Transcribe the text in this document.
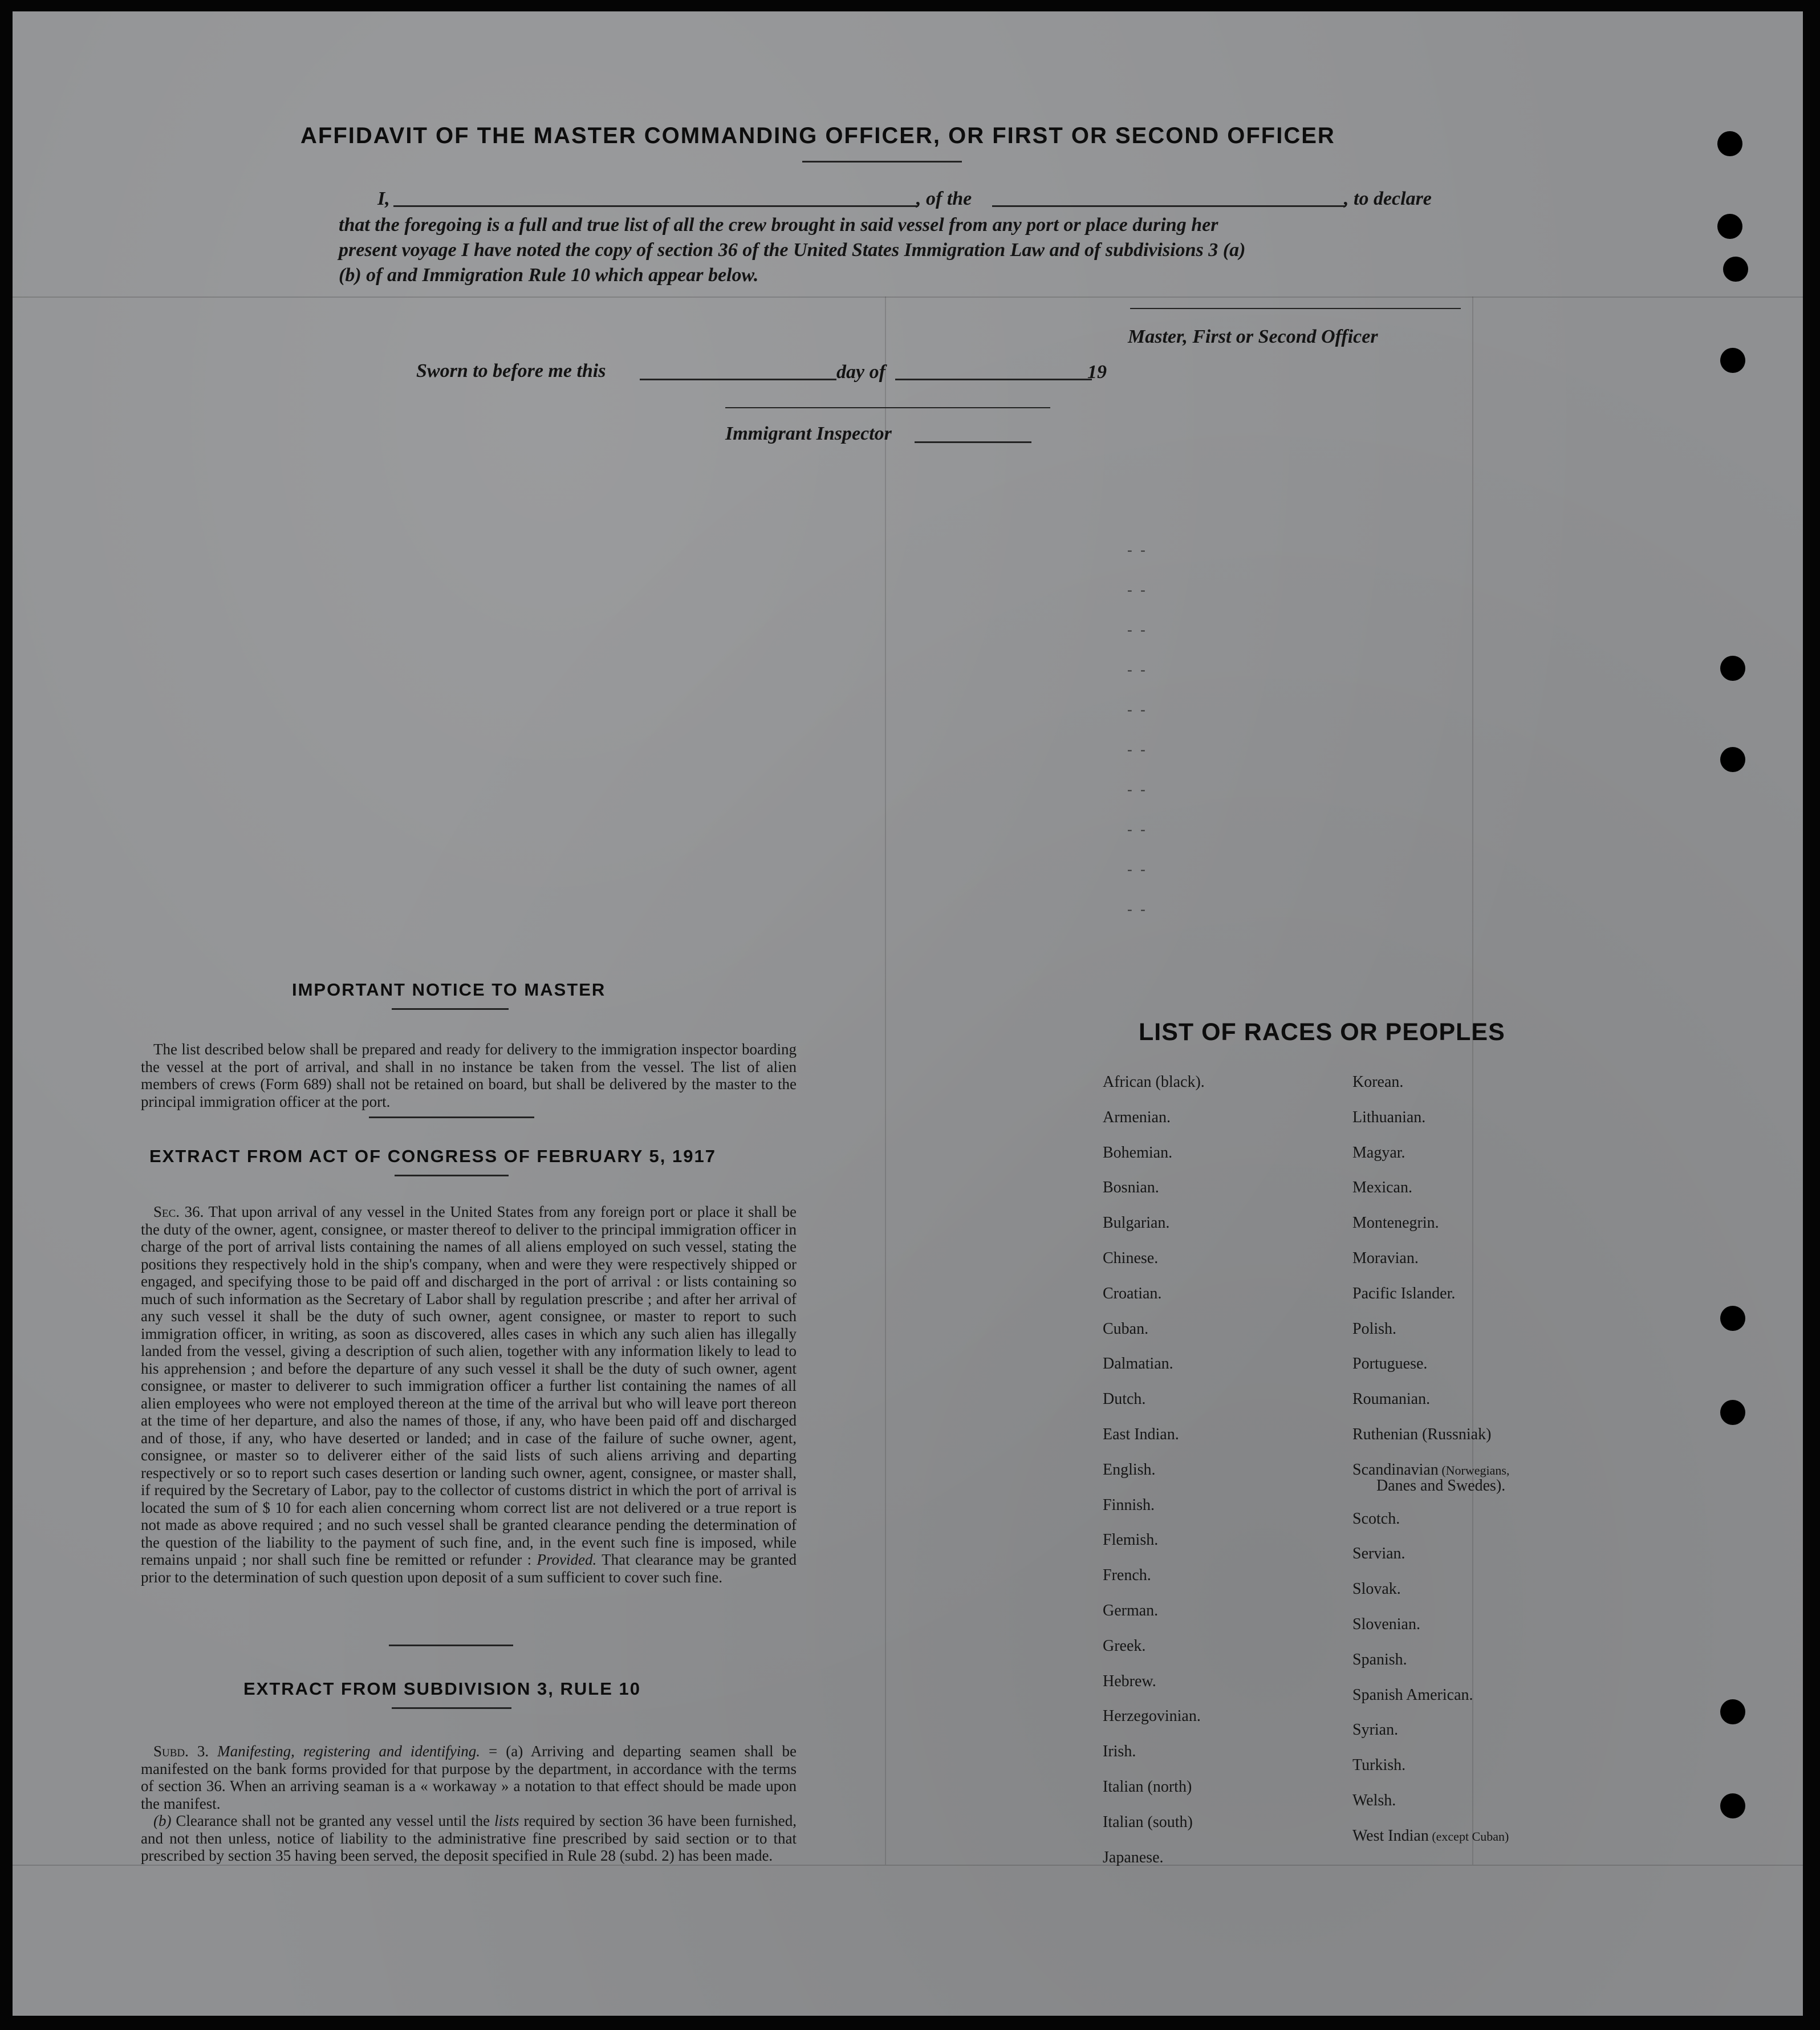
AFFIDAVIT OF THE MASTER COMMANDING OFFICER, OR FIRST OR SECOND OFFICER
I,	, of the	, to declare
that the foregoing is a full and true list of all the crew brought in said vessel from any port or place during her
present voyage I have noted the copy of section 36 of the United States Immigration Law and of subdivisions 3 (a)
(b) of and Immigration Rule 10 which appear below.
Master, First or Second Officer
Sworn to before me this	day of	19
Immigrant Inspector
- -
- -
- -
- -
- -
- -
- -
- -
- -
- -
IMPORTANT NOTICE TO MASTER
The list described below shall be prepared and ready for delivery to the immigration inspector boarding the vessel at the port of arrival, and shall in no instance be taken from the vessel. The list of alien members of crews (Form 689) shall not be retained on board, but shall be delivered by the master to the principal immigration officer at the port.
EXTRACT FROM ACT OF CONGRESS OF FEBRUARY 5, 1917
Sec. 36. That upon arrival of any vessel in the United States from any foreign port or place it shall be the duty of the owner, agent, consignee, or master thereof to deliver to the principal immigration officer in charge of the port of arrival lists containing the names of all aliens employed on such vessel, stating the positions they respectively hold in the ship's company, when and were they were respectively shipped or engaged, and specifying those to be paid off and discharged in the port of arrival : or lists containing so much of such information as the Secretary of Labor shall by regulation prescribe ; and after her arrival of any such vessel it shall be the duty of such owner, agent consignee, or master to report to such immigration officer, in writing, as soon as discovered, alles cases in which any such alien has illegally landed from the vessel, giving a description of such alien, together with any information likely to lead to his apprehension ; and before the departure of any such vessel it shall be the duty of such owner, agent consignee, or master to deliverer to such immigration officer a further list containing the names of all alien employees who were not employed thereon at the time of the arrival but who will leave port thereon at the time of her departure, and also the names of those, if any, who have been paid off and discharged and of those, if any, who have deserted or landed; and in case of the failure of suche owner, agent, consignee, or master so to deliverer either of the said lists of such aliens arriving and departing respectively or so to report such cases desertion or landing such owner, agent, consignee, or master shall, if required by the Secretary of Labor, pay to the collector of customs district in which the port of arrival is located the sum of $ 10 for each alien concerning whom correct list are not delivered or a true report is not made as above required ; and no such vessel shall be granted clearance pending the determination of the question of the liability to the payment of such fine, and, in the event such fine is imposed, while remains unpaid ; nor shall such fine be remitted or refunder : Provided. That clearance may be granted prior to the determination of such question upon deposit of a sum sufficient to cover such fine.
EXTRACT FROM SUBDIVISION 3, RULE 10
Subd. 3. Manifesting, registering and identifying. = (a) Arriving and departing seamen shall be manifested on the bank forms provided for that purpose by the department, in accordance with the terms of section 36. When an arriving seaman is a « workaway » a notation to that effect should be made upon the manifest.
(b) Clearance shall not be granted any vessel until the lists required by section 36 have been furnished, and not then unless, notice of liability to the administrative fine prescribed by said section or to that prescribed by section 35 having been served, the deposit specified in Rule 28 (subd. 2) has been made.
LIST OF RACES OR PEOPLES
African (black).
Armenian.
Bohemian.
Bosnian.
Bulgarian.
Chinese.
Croatian.
Cuban.
Dalmatian.
Dutch.
East Indian.
English.
Finnish.
Flemish.
French.
German.
Greek.
Hebrew.
Herzegovinian.
Irish.
Italian (north)
Italian (south)
Japanese.
Korean.
Lithuanian.
Magyar.
Mexican.
Montenegrin.
Moravian.
Pacific Islander.
Polish.
Portuguese.
Roumanian.
Ruthenian (Russniak)
Scandinavian (Norwegians,
Danes and Swedes).
Scotch.
Servian.
Slovak.
Slovenian.
Spanish.
Spanish American.
Syrian.
Turkish.
Welsh.
West Indian (except Cuban)
